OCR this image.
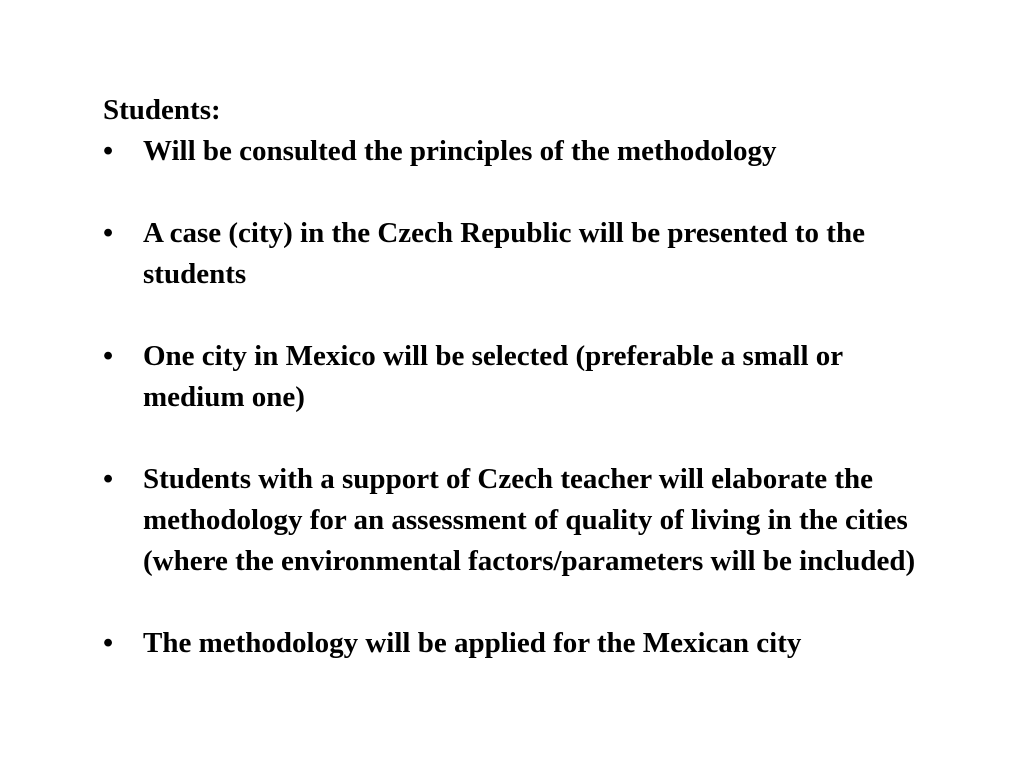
Students:
• Will be consulted the principles of the methodology
• A case (city) in the Czech Republic will be presented to the students
• One city in Mexico will be selected (preferable a small or medium one)
• Students with a support of Czech teacher will elaborate the methodology for an assessment of quality of living in the cities (where the environmental factors/parameters will be included)
• The methodology will be applied for the Mexican city
